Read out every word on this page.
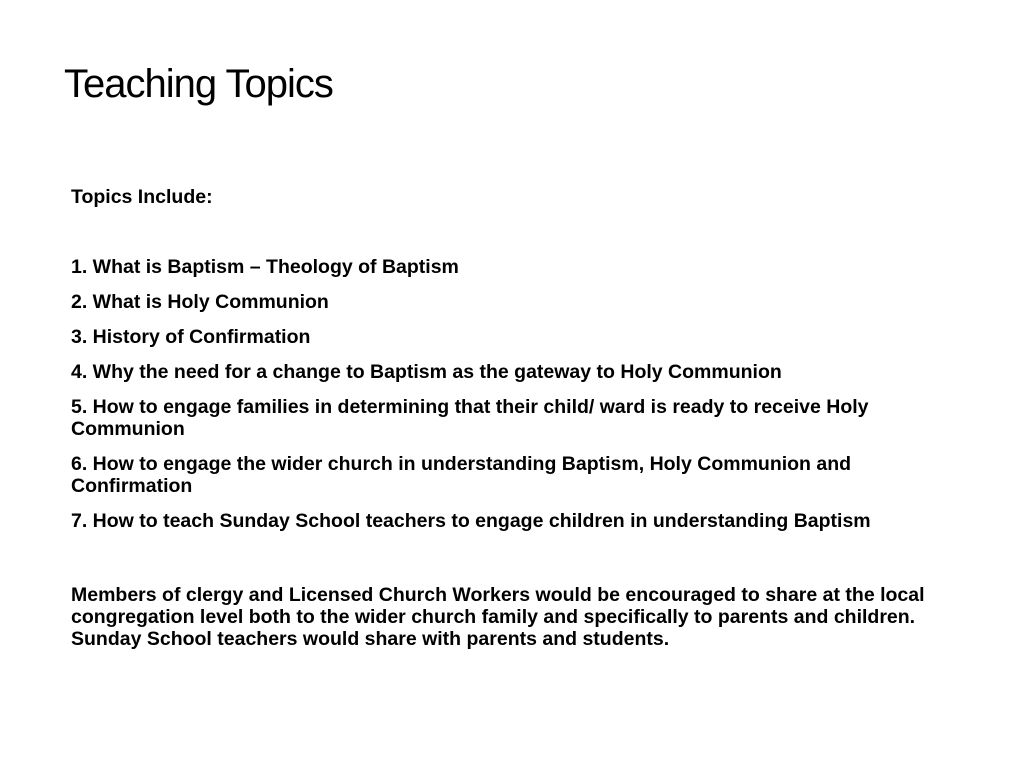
Teaching Topics

Topics Include:

1. What is Baptism – Theology of Baptism
2. What is Holy Communion
3. History of Confirmation
4. Why the need for a change to Baptism as the gateway to Holy Communion
5. How to engage families in determining that their child/ ward is ready to receive Holy Communion
6. How to engage the wider church in understanding Baptism, Holy Communion and Confirmation
7. How to teach Sunday School teachers to engage children in understanding Baptism

Members of clergy and Licensed Church Workers would be encouraged to share at the local congregation level both to the wider church family and specifically to parents and children. Sunday School teachers would share with parents and students.
